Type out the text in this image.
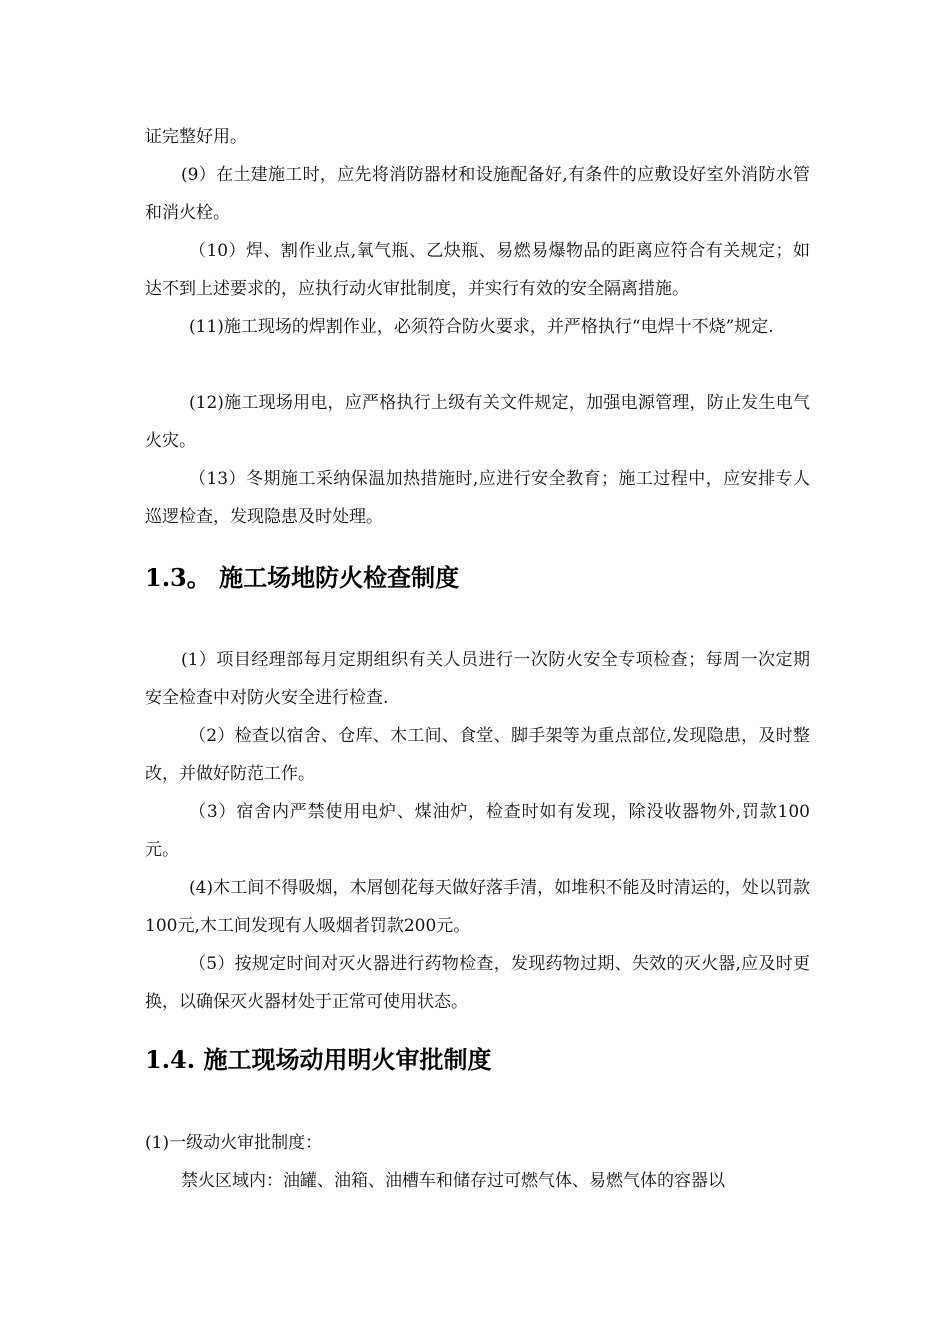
证完整好用。

(9）在土建施工时，应先将消防器材和设施配备好,有条件的应敷设好室外消防水管和消火栓。

（10）焊、割作业点,氧气瓶、乙炔瓶、易燃易爆物品的距离应符合有关规定；如达不到上述要求的，应执行动火审批制度，并实行有效的安全隔离措施。

(11)施工现场的焊割作业，必须符合防火要求，并严格执行“电焊十不烧”规定.

(12)施工现场用电，应严格执行上级有关文件规定，加强电源管理，防止发生电气火灾。

（13）冬期施工采纳保温加热措施时,应进行安全教育；施工过程中，应安排专人巡逻检查，发现隐患及时处理。

1.3。 施工场地防火检查制度

(1）项目经理部每月定期组织有关人员进行一次防火安全专项检查；每周一次定期安全检查中对防火安全进行检查.

（2）检查以宿舍、仓库、木工间、食堂、脚手架等为重点部位,发现隐患，及时整改，并做好防范工作。

（3）宿舍内严禁使用电炉、煤油炉，检查时如有发现，除没收器物外,罚款100元。

(4)木工间不得吸烟，木屑刨花每天做好落手清，如堆积不能及时清运的，处以罚款100元,木工间发现有人吸烟者罚款200元。

（5）按规定时间对灭火器进行药物检查，发现药物过期、失效的灭火器,应及时更换，以确保灭火器材处于正常可使用状态。

1.4. 施工现场动用明火审批制度

(1)一级动火审批制度：

禁火区域内：油罐、油箱、油槽车和储存过可燃气体、易燃气体的容器以
